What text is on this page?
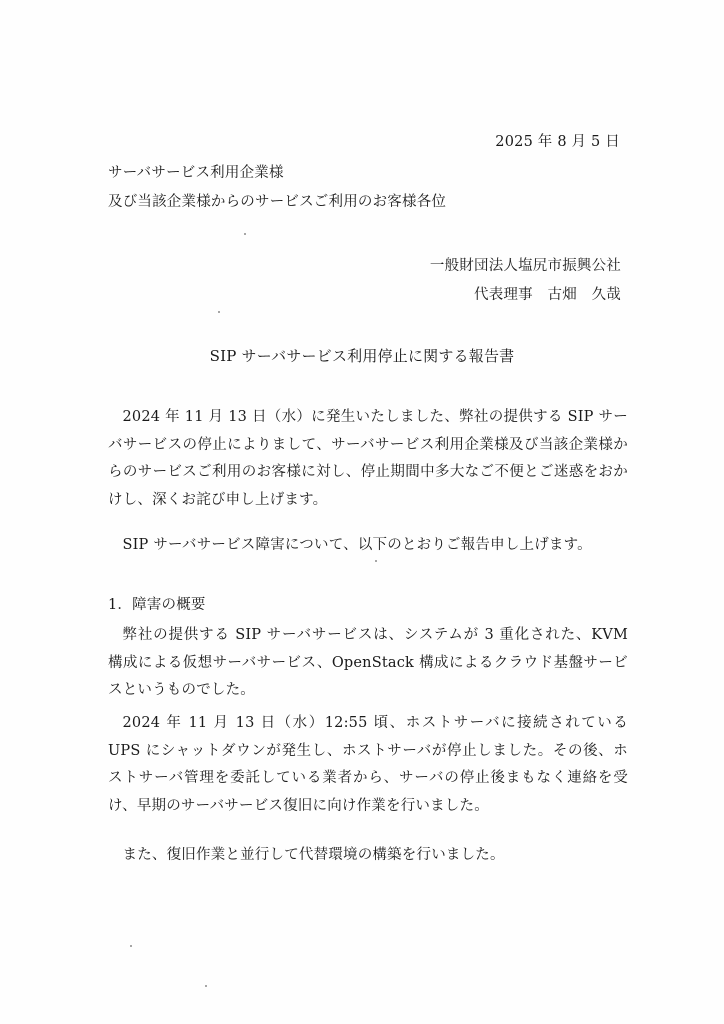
2025 年 8 月 5 日
サーバサービス利用企業様
及び当該企業様からのサービスご利用のお客様各位
一般財団法人塩尻市振興公社
代表理事　古畑　久哉
SIP サーバサービス利用停止に関する報告書
2024 年 11 月 13 日（水）に発生いたしました、弊社の提供する SIP サーバサービスの停止によりまして、サーバサービス利用企業様及び当該企業様からのサービスご利用のお客様に対し、停止期間中多大なご不便とご迷惑をおかけし、深くお詫び申し上げます。
SIP サーバサービス障害について、以下のとおりご報告申し上げます。
1．障害の概要
弊社の提供する SIP サーバサービスは、システムが 3 重化された、KVM 構成による仮想サーバサービス、OpenStack 構成によるクラウド基盤サービスというものでした。
2024 年 11 月 13 日（水）12:55 頃、ホストサーバに接続されている UPS にシャットダウンが発生し、ホストサーバが停止しました。その後、ホストサーバ管理を委託している業者から、サーバの停止後まもなく連絡を受け、早期のサーバサービス復旧に向け作業を行いました。
また、復旧作業と並行して代替環境の構築を行いました。
